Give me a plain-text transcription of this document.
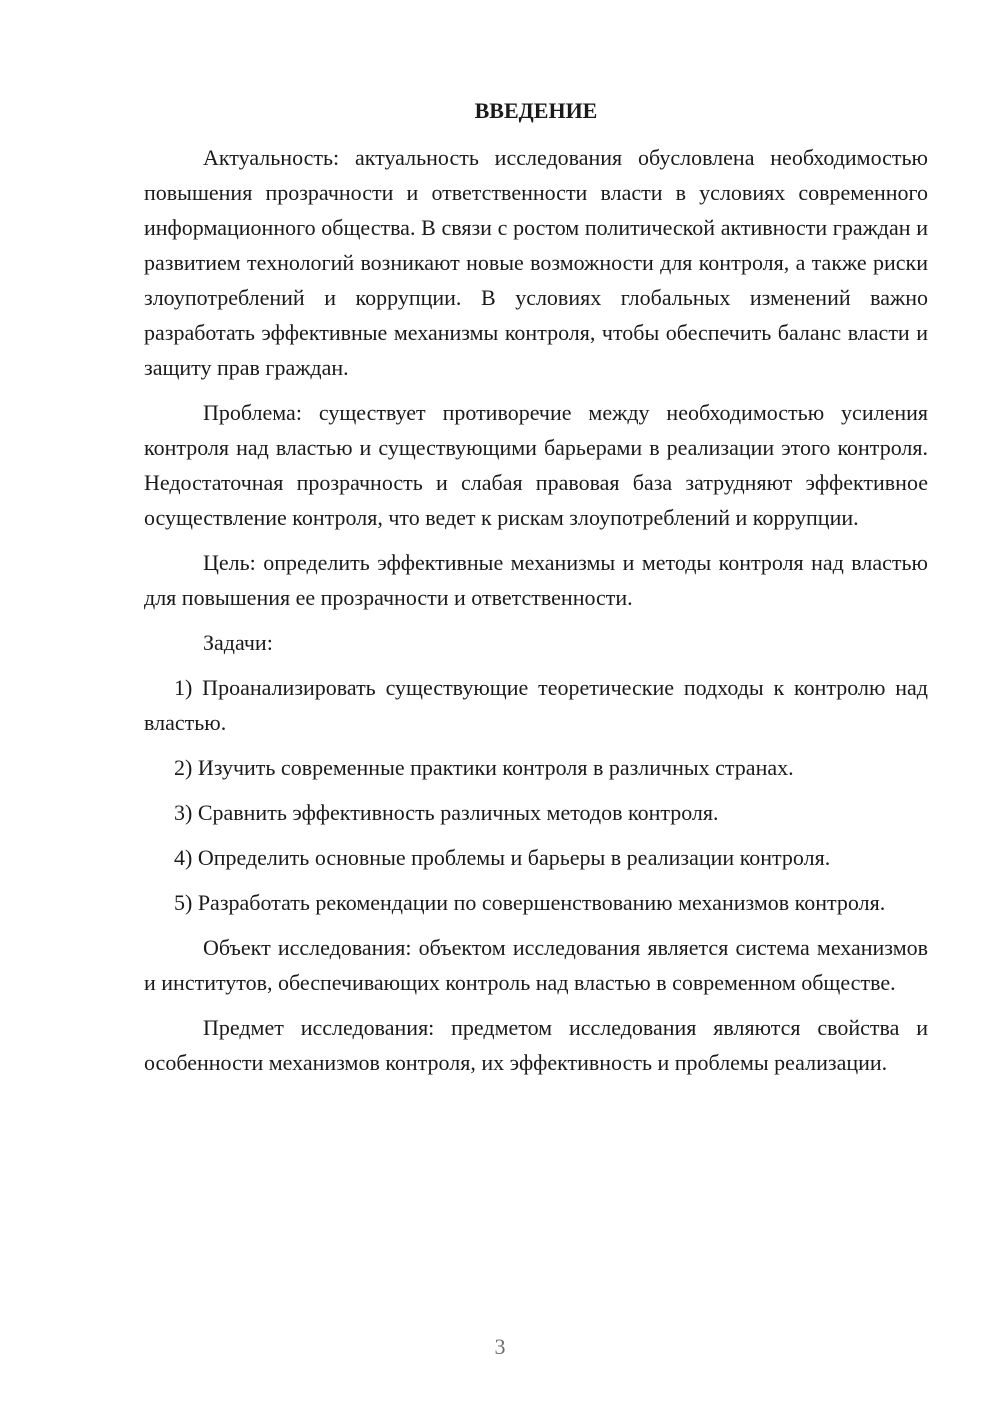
ВВЕДЕНИЕ

Актуальность: актуальность исследования обусловлена необходимостью повышения прозрачности и ответственности власти в условиях современного информационного общества. В связи с ростом политической активности граждан и развитием технологий возникают новые возможности для контроля, а также риски злоупотреблений и коррупции. В условиях глобальных изменений важно разработать эффективные механизмы контроля, чтобы обеспечить баланс власти и защиту прав граждан.

Проблема: существует противоречие между необходимостью усиления контроля над властью и существующими барьерами в реализации этого контроля. Недостаточная прозрачность и слабая правовая база затрудняют эффективное осуществление контроля, что ведет к рискам злоупотреблений и коррупции.

Цель: определить эффективные механизмы и методы контроля над властью для повышения ее прозрачности и ответственности.

Задачи:

1) Проанализировать существующие теоретические подходы к контролю над властью.

2) Изучить современные практики контроля в различных странах.

3) Сравнить эффективность различных методов контроля.

4) Определить основные проблемы и барьеры в реализации контроля.

5) Разработать рекомендации по совершенствованию механизмов контроля.

Объект исследования: объектом исследования является система механизмов и институтов, обеспечивающих контроль над властью в современном обществе.

Предмет исследования: предметом исследования являются свойства и особенности механизмов контроля, их эффективность и проблемы реализации.

3
